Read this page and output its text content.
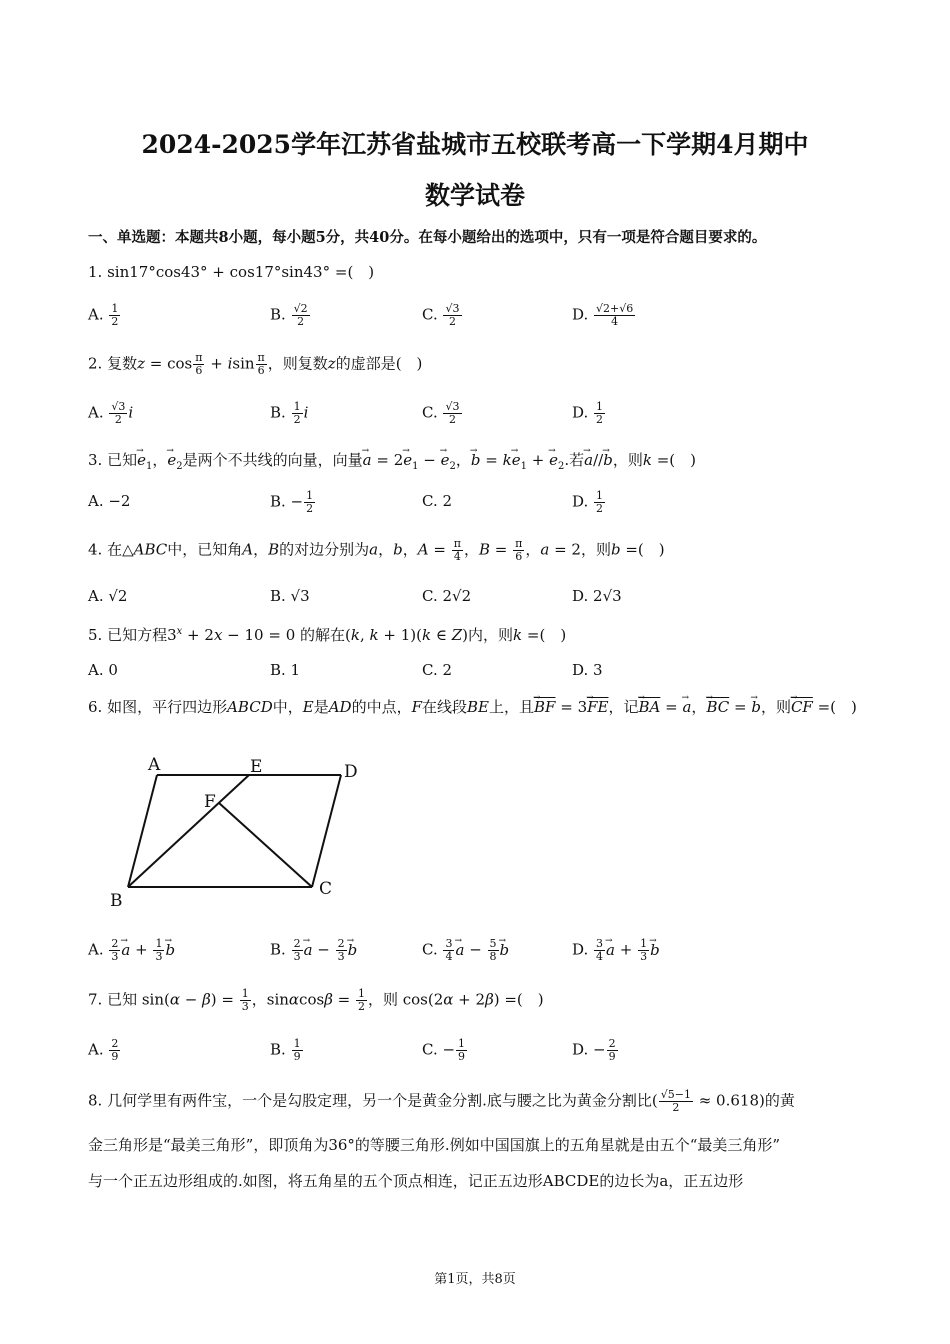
2024-2025学年江苏省盐城市五校联考高一下学期4月期中
数学试卷
一、单选题：本题共8小题，每小题5分，共40分。在每小题给出的选项中，只有一项是符合题目要求的。
1. sin17°cos43° + cos17°sin43° =(　)
A. $\frac{1}{2}$	B. $\frac{√2}{2}$	C. $\frac{√3}{2}$	D. $\frac{√2+√6}{4}$
2. 复数$z = \cos \frac{\pi}{6} + isin \frac{\pi}{6}$ ，则复数z的虚部是(　)
A. $\frac{√3}{2}$ i	B. $\frac{1}{2}$ i	C. $\frac{√3}{2}$	D. $\frac{1}{2}$
3. 已知→ $e_1$，→ $e_2$是两个不共线的向量，向量→ $a = 2\to e_1$ − → $e_2$，→ $b = k\to e_1$ + → $e_2$.若→ a//→ b，则k =(　)
A. −2	B. − $\frac{1}{2}$	C. 2	D. $\frac{1}{2}$
4. 在△ABC中，已知角A，B的对边分别为a，b，$A = \frac{\pi}{4}$ ，$B = \frac{\pi}{6}$ ，a = 2，则b =(　)
A. √2	B. √3	C. 2√2	D. 2√3
5. 已知方程$3^x + 2x - 10 = 0$ 的解在(k, k + 1)(k ∈ Z)内，则k =(　)
A. 0	B. 1	C. 2	D. 3
6. 如图，平行四边形ABCD中，E是AD的中点，F在线段BE上，且→ $\overline{BF} = 3\to \overline{FE}$，记→ $\overline{BA}$ = → a，→ $\overline{BC}$ = → b，则→ $\overline{CF}$ =(　)
A	E	D
F
B
C
A. $\frac{2}{3} \to a + \frac{1}{3} \to b$	B. $\frac{2}{3} \to a - \frac{2}{3} \to b$	C. $\frac{3}{4} \to a - \frac{5}{8} \to b$	D. $\frac{3}{4} \to a + \frac{1}{3} \to b$
7. 已知 $\sin(\alpha - \beta) = \frac{1}{3}$ ，$\sin\alpha\cos\beta = \frac{1}{2}$ ，则 cos(2α + 2β) =(　)
A. $\frac{2}{9}$	B. $\frac{1}{9}$	C. − $\frac{1}{9}$	D. − $\frac{2}{9}$
8. 几何学里有两件宝，一个是勾股定理，另一个是黄金分割.底与腰之比为黄金分割比( $\frac{√5-1}{2} \approx 0.618$)的黄
金三角形是“最美三角形”，即顶角为36°的等腰三角形.例如中国国旗上的五角星就是由五个“最美三角形”
与一个正五边形组成的.如图，将五角星的五个顶点相连，记正五边形ABCDE的边长为a，正五边形
第1页，共8页
